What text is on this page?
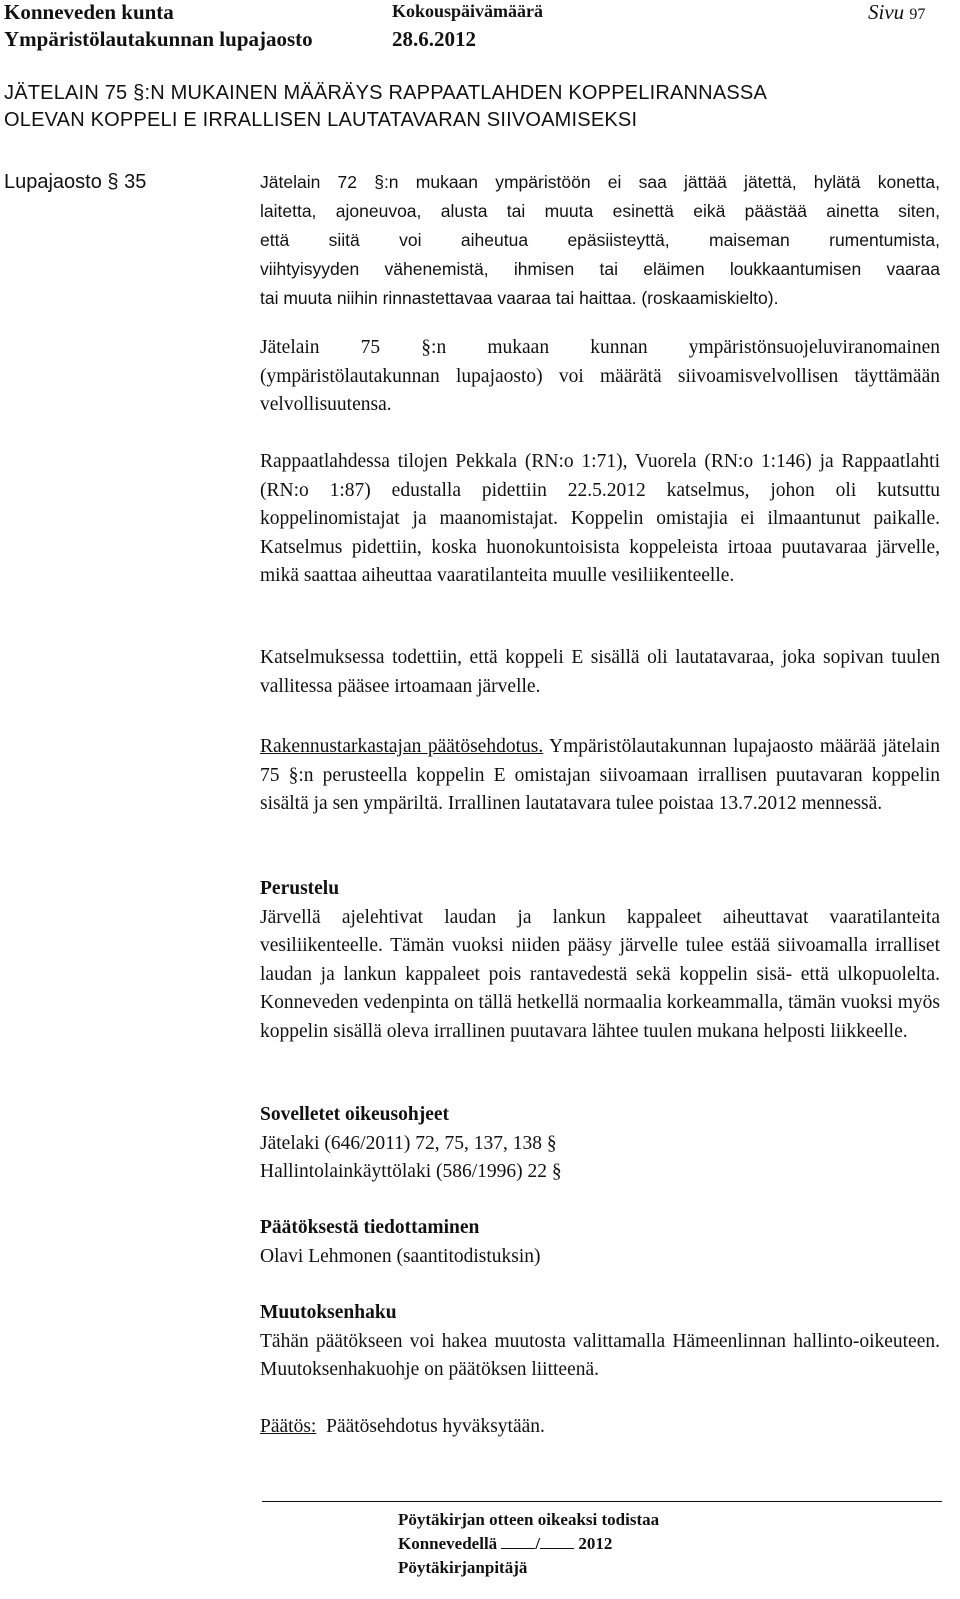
Konneveden kunta
Ympäristölautakunnan lupajaosto
Kokouspäivämäärä
28.6.2012
Sivu 97
JÄTELAIN 75 §:N MUKAINEN MÄÄRÄYS RAPPAATLAHDEN KOPPELIRANNASSA
OLEVAN KOPPELI E IRRALLISEN LAUTATAVARAN SIIVOAMISEKSI
Lupajaosto § 35	Jätelain 72 §:n mukaan ympäristöön ei saa jättää jätettä, hylätä konetta,
laitetta, ajoneuvoa, alusta tai muuta esinettä eikä päästää ainetta siten,
että siitä voi aiheutua epäsiisteyttä, maiseman rumentumista,
viihtyisyyden vähenemistä, ihmisen tai eläimen loukkaantumisen vaaraa
tai muuta niihin rinnastettavaa vaaraa tai haittaa. (roskaamiskielto).

Jätelain 75 §:n mukaan kunnan ympäristönsuojeluviranomainen (ympäristölautakunnan lupajaosto) voi määrätä siivoamisvelvollisen täyttämään velvollisuutensa.

Rappaatlahdessa tilojen Pekkala (RN:o 1:71), Vuorela (RN:o 1:146) ja Rappaatlahti (RN:o 1:87) edustalla pidettiin 22.5.2012 katselmus, johon oli kutsuttu koppelinomistajat ja maanomistajat. Koppelin omistajia ei ilmaantunut paikalle. Katselmus pidettiin, koska huonokuntoisista koppeleista irtoaa puutavaraa järvelle, mikä saattaa aiheuttaa vaaratilanteita muulle vesiliikenteelle.

Katselmuksessa todettiin, että koppeli E sisällä oli lautatavaraa, joka sopivan tuulen vallitessa pääsee irtoamaan järvelle.

Rakennustarkastajan päätösehdotus. Ympäristölautakunnan lupajaosto määrää jätelain 75 §:n perusteella koppelin E omistajan siivoamaan irrallisen puutavaran koppelin sisältä ja sen ympäriltä. Irrallinen lautatavara tulee poistaa 13.7.2012 mennessä.

Perustelu

Järvellä ajelehtivat laudan ja lankun kappaleet aiheuttavat vaaratilanteita vesiliikenteelle. Tämän vuoksi niiden pääsy järvelle tulee estää siivoamalla irralliset laudan ja lankun kappaleet pois rantavedestä sekä koppelin sisä- että ulkopuolelta. Konneveden vedenpinta on tällä hetkellä normaalia korkeammalla, tämän vuoksi myös koppelin sisällä oleva irrallinen puutavara lähtee tuulen mukana helposti liikkeelle.

Sovelletet oikeusohjeet

Jätelaki (646/2011) 72, 75, 137, 138 §

Hallintolainkäyttölaki (586/1996) 22 §

Päätöksestä tiedottaminen

Olavi Lehmonen (saantitodistuksin)

Muutoksenhaku

Tähän päätökseen voi hakea muutosta valittamalla Hämeenlinnan hallinto-oikeuteen. Muutoksenhakuohje on päätöksen liitteenä.

Päätös: Päätösehdotus hyväksytään.

Pöytäkirjan otteen oikeaksi todistaa
Konnevedellä / 2012
Pöytäkirjanpitäjä
